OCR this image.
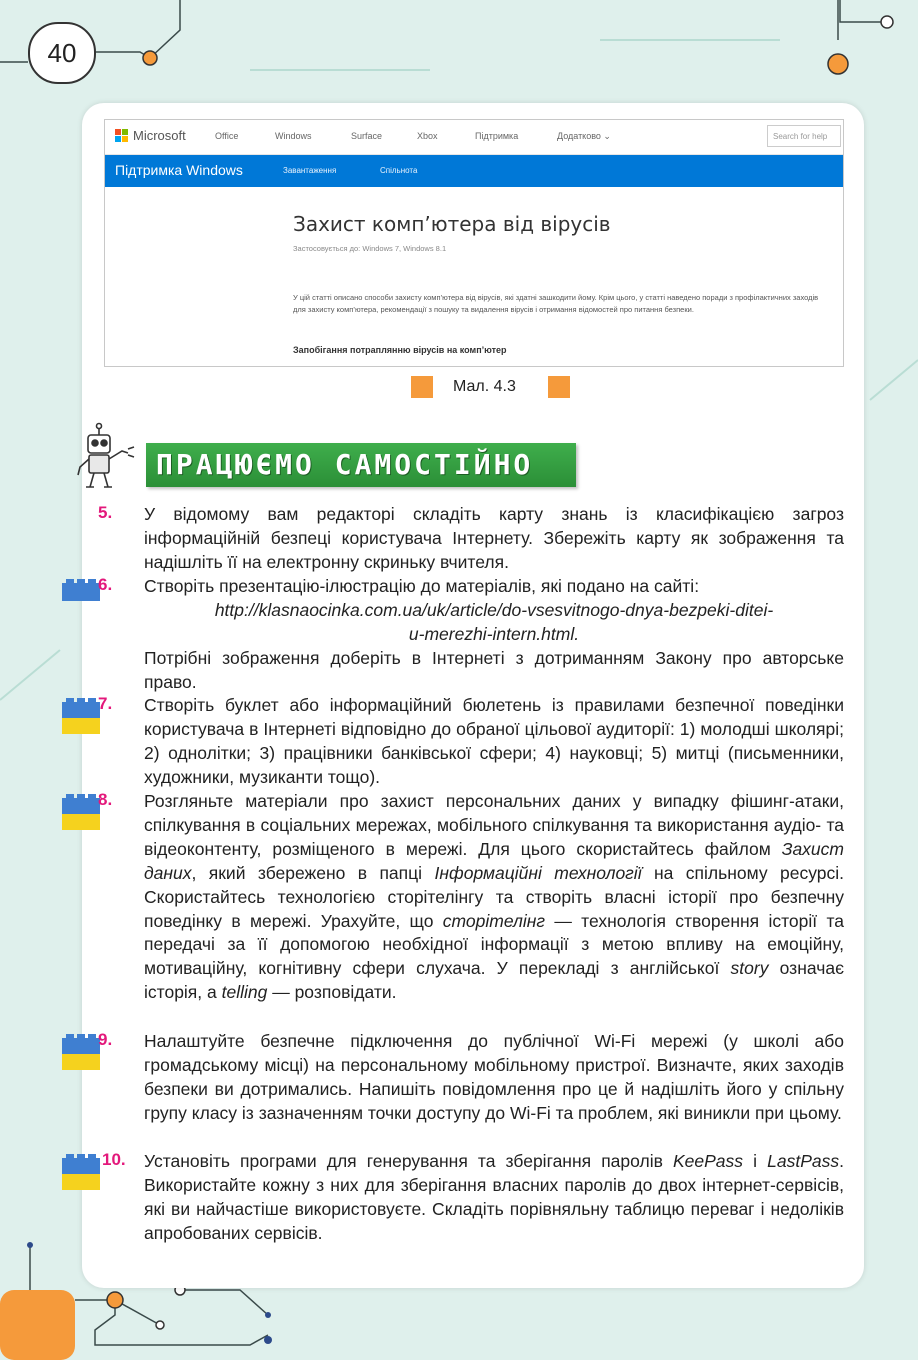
40
Microsoft	Office	Windows	Surface	Xbox	Підтримка	Додатково ⌄	Search for help
Підтримка Windows	Завантаження	Спільнота
Захист комп’ютера від вірусів
Застосовується до: Windows 7, Windows 8.1
У цій статті описано способи захисту комп’ютера від вірусів, які здатні зашкодити йому. Крім цього, у статті наведено поради з профілактичних заходів для захисту комп’ютера, рекомендації з пошуку та видалення вірусів і отримання відомостей про питання безпеки.
Запобігання потраплянню вірусів на комп’ютер
Мал. 4.3
ПРАЦЮЄМО САМОСТІЙНО
5. У відомому вам редакторі складіть карту знань із класифікацією загроз інформаційній безпеці користувача Інтернету. Збережіть карту як зображення та надішліть її на електронну скриньку вчителя.
6. Створіть презентацію-ілюстрацію до матеріалів, які подано на сайті:
http://klasnaocinka.com.ua/uk/article/do-vsesvitnogo-dnya-bezpeki-ditei-
u-merezhi-intern.html.
Потрібні зображення доберіть в Інтернеті з дотриманням Закону про авторське право.
7. Створіть буклет або інформаційний бюлетень із правилами безпечної поведінки користувача в Інтернеті відповідно до обраної цільової аудиторії: 1) молодші школярі; 2) однолітки; 3) працівники банківської сфери; 4) науковці; 5) митці (письменники, художники, музиканти тощо).
8. Розгляньте матеріали про захист персональних даних у випадку фішинг-атаки, спілкування в соціальних мережах, мобільного спілкування та використання аудіо- та відеоконтенту, розміщеного в мережі. Для цього скористайтесь файлом Захист даних, який збережено в папці Інформаційні технології на спільному ресурсі. Скористайтесь технологією сторітелінгу та створіть власні історії про безпечну поведінку в мережі. Урахуйте, що сторітелінг — технологія створення історії та передачі за її допомогою необхідної інформації з метою впливу на емоційну, мотиваційну, когнітивну сфери слухача. У перекладі з англійської story означає історія, а telling — розповідати.
9. Налаштуйте безпечне підключення до публічної Wi-Fi мережі (у школі або громадському місці) на персональному мобільному пристрої. Визначте, яких заходів безпеки ви дотримались. Напишіть повідомлення про це й надішліть його у спільну групу класу із зазначенням точки доступу до Wi-Fi та проблем, які виникли при цьому.
10. Установіть програми для генерування та зберігання паролів KeePass і LastPass. Використайте кожну з них для зберігання власних паролів до двох інтернет-сервісів, які ви найчастіше використовуєте. Складіть порівняльну таблицю переваг і недоліків апробованих сервісів.
